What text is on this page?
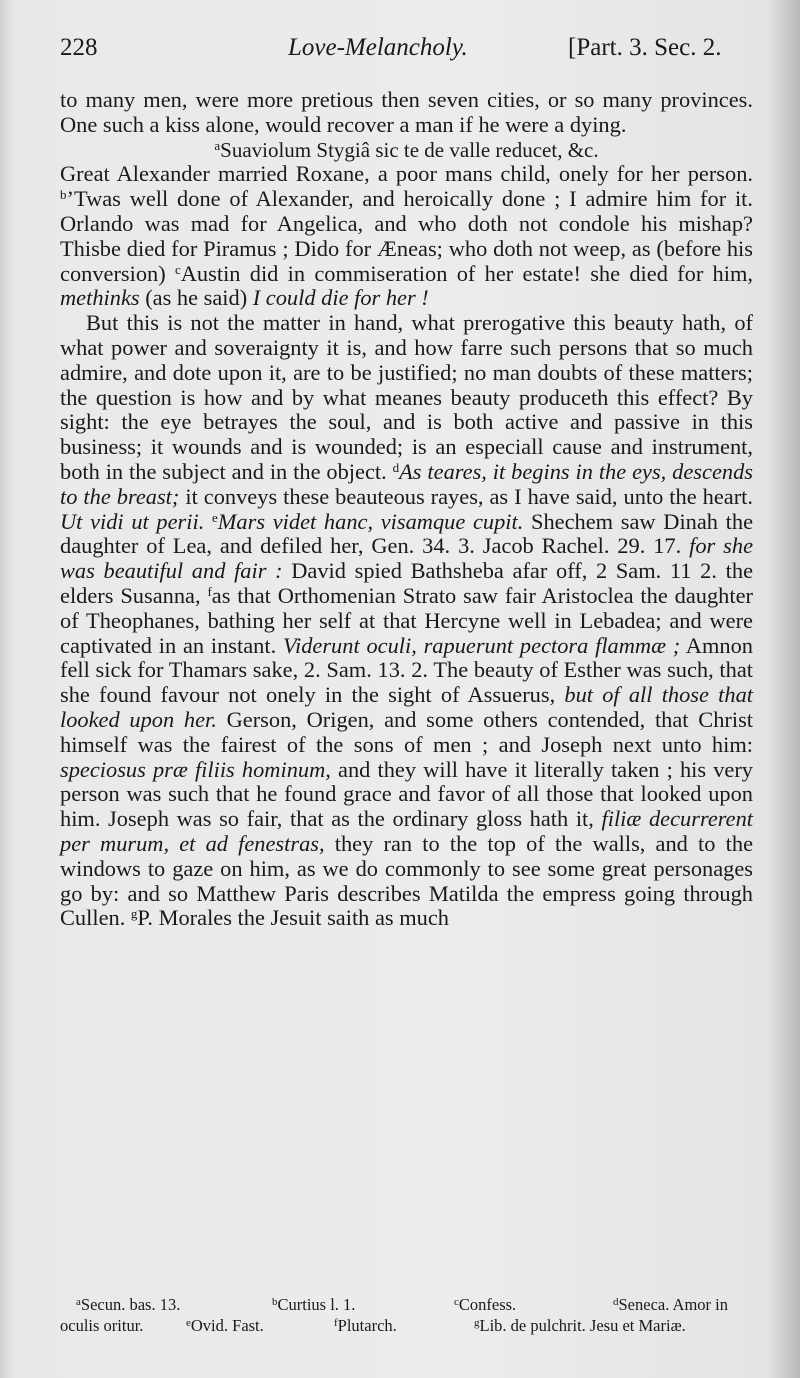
228	Love-Melancholy.	[Part. 3. Sec. 2.

to many men, were more pretious then seven cities, or so many provinces. One such a kiss alone, would recover a man if he were a dying.

$^a$Suaviolum Stygiâ sic te de valle reducet, &c.

Great Alexander married Roxane, a poor mans child, onely for her person. $^b$’Twas well done of Alexander, and heroically done ; I admire him for it. Orlando was mad for Angelica, and who doth not condole his mishap? Thisbe died for Piramus ; Dido for Æneas; who doth not weep, as (before his conversion) $^c$Austin did in commiseration of her estate! she died for him, methinks (as he said) I could die for her !

But this is not the matter in hand, what prerogative this beauty hath, of what power and soveraignty it is, and how farre such persons that so much admire, and dote upon it, are to be justified; no man doubts of these matters; the question is how and by what meanes beauty produceth this effect? By sight: the eye betrayes the soul, and is both active and passive in this business; it wounds and is wounded; is an especiall cause and instrument, both in the subject and in the object. $^d$As teares, it begins in the eys, descends to the breast; it conveys these beauteous rayes, as I have said, unto the heart. Ut vidi ut perii. $^e$Mars videt hanc, visamque cupit. Shechem saw Dinah the daughter of Lea, and defiled her, Gen. 34. 3. Jacob Rachel. 29. 17. for she was beautiful and fair : David spied Bathsheba afar off, 2 Sam. 11 2. the elders Susanna, $^f$as that Orthomenian Strato saw fair Aristoclea the daughter of Theophanes, bathing her self at that Hercyne well in Lebadea; and were captivated in an instant. Viderunt oculi, rapuerunt pectora flammæ ; Amnon fell sick for Thamars sake, 2. Sam. 13. 2. The beauty of Esther was such, that she found favour not onely in the sight of Assuerus, but of all those that looked upon her. Gerson, Origen, and some others contended, that Christ himself was the fairest of the sons of men ; and Joseph next unto him: speciosus præ filiis hominum, and they will have it literally taken ; his very person was such that he found grace and favor of all those that looked upon him. Joseph was so fair, that as the ordinary gloss hath it, filiæ decurrerent per murum, et ad fenestras, they ran to the top of the walls, and to the windows to gaze on him, as we do commonly to see some great personages go by: and so Matthew Paris describes Matilda the empress going through Cullen. $^g$P. Morales the Jesuit saith as much

$^a$Secun. bas. 13.	$^b$Curtius l. 1.	$^c$Confess.	$^d$Seneca. Amor in
oculis oritur.	$^e$Ovid. Fast.	$^f$Plutarch.	$^g$Lib. de pulchrit. Jesu et Mariæ.
